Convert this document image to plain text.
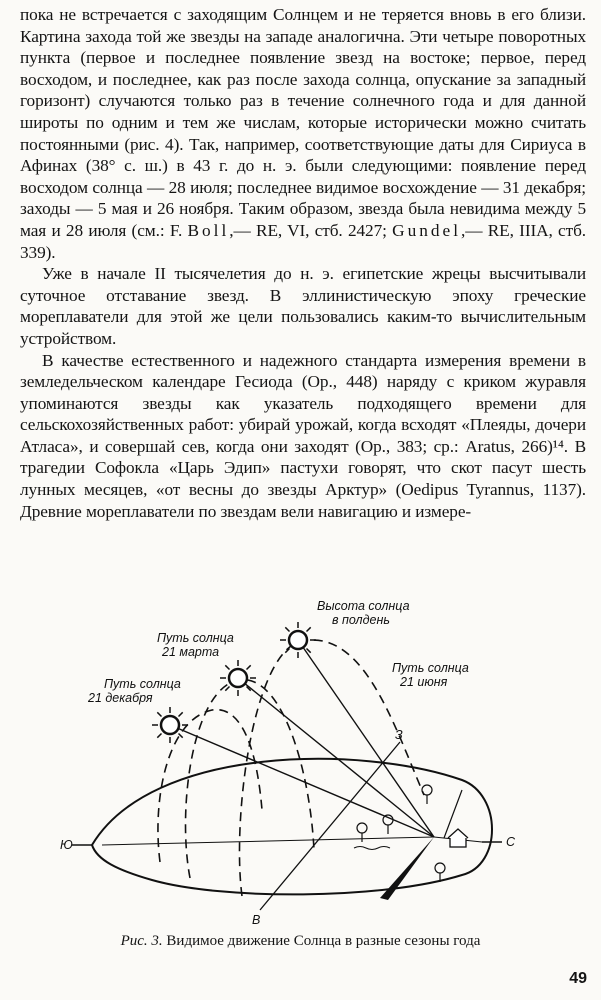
пока не встречается с заходящим Солнцем и не теряется вновь в его близи. Картина захода той же звезды на западе аналогична. Эти четыре поворотных пункта (первое и последнее появление звезд на востоке; первое, перед восходом, и последнее, как раз после захода солнца, опускание за западный горизонт) случаются только раз в течение солнечного года и для данной широты по одним и тем же числам, которые исторически можно считать постоянными (рис. 4). Так, например, соответствующие даты для Сириуса в Афинах (38° с. ш.) в 43 г. до н. э. были следующими: появление перед восходом солнца — 28 июля; последнее видимое восхождение — 31 декабря; заходы — 5 мая и 26 ноября. Таким образом, звезда была невидима между 5 мая и 28 июля (см.: F. Boll,— RE, VI, стб. 2427; Gundel,— RE, IIIA, стб. 339).

Уже в начале II тысячелетия до н. э. египетские жрецы высчитывали суточное отставание звезд. В эллинистическую эпоху греческие мореплаватели для этой же цели пользовались каким-то вычислительным устройством.

В качестве естественного и надежного стандарта измерения времени в земледельческом календаре Гесиода (Ор., 448) наряду с криком журавля упоминаются звезды как указатель подходящего времени для сельскохозяйственных работ: убирай урожай, когда всходят «Плеяды, дочери Атласа», и совершай сев, когда они заходят (Ор., 383; ср.: Aratus, 266)¹⁴. В трагедии Софокла «Царь Эдип» пастухи говорят, что скот пасут шесть лунных месяцев, «от весны до звезды Арктур» (Oedipus Tyrannus, 1137). Древние мореплаватели по звездам вели навигацию и измере-

Высота солнца
в полдень
Путь солнца
21 июня
Путь солнца
21 марта
Путь солнца
21 декабря
Ю	С
З
В
Рис. 3. Видимое движение Солнца в разные сезоны года
49
